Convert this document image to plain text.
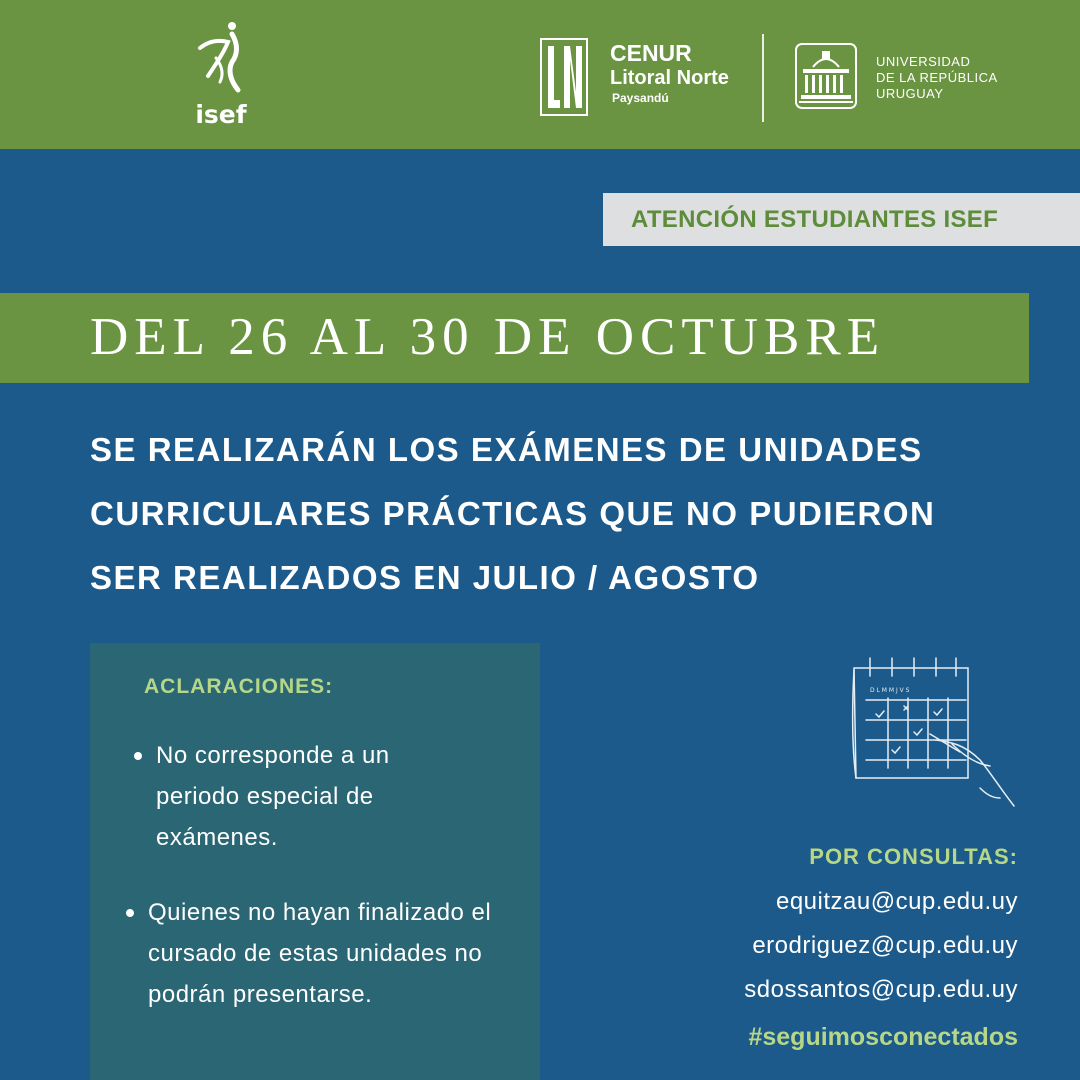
isef
CENUR
Litoral Norte
Paysandú
UNIVERSIDAD
DE LA REPÚBLICA
URUGUAY
ATENCIÓN ESTUDIANTES ISEF
DEL 26 AL 30 DE OCTUBRE
SE REALIZARÁN LOS EXÁMENES DE UNIDADES
CURRICULARES PRÁCTICAS QUE NO PUDIERON
SER REALIZADOS EN JULIO / AGOSTO
ACLARACIONES:
No corresponde a un periodo especial de exámenes.
Quienes no hayan finalizado el cursado de estas unidades no podrán presentarse.
D L M M J V S
POR CONSULTAS:
equitzau@cup.edu.uy
erodriguez@cup.edu.uy
sdossantos@cup.edu.uy
#seguimosconectados
